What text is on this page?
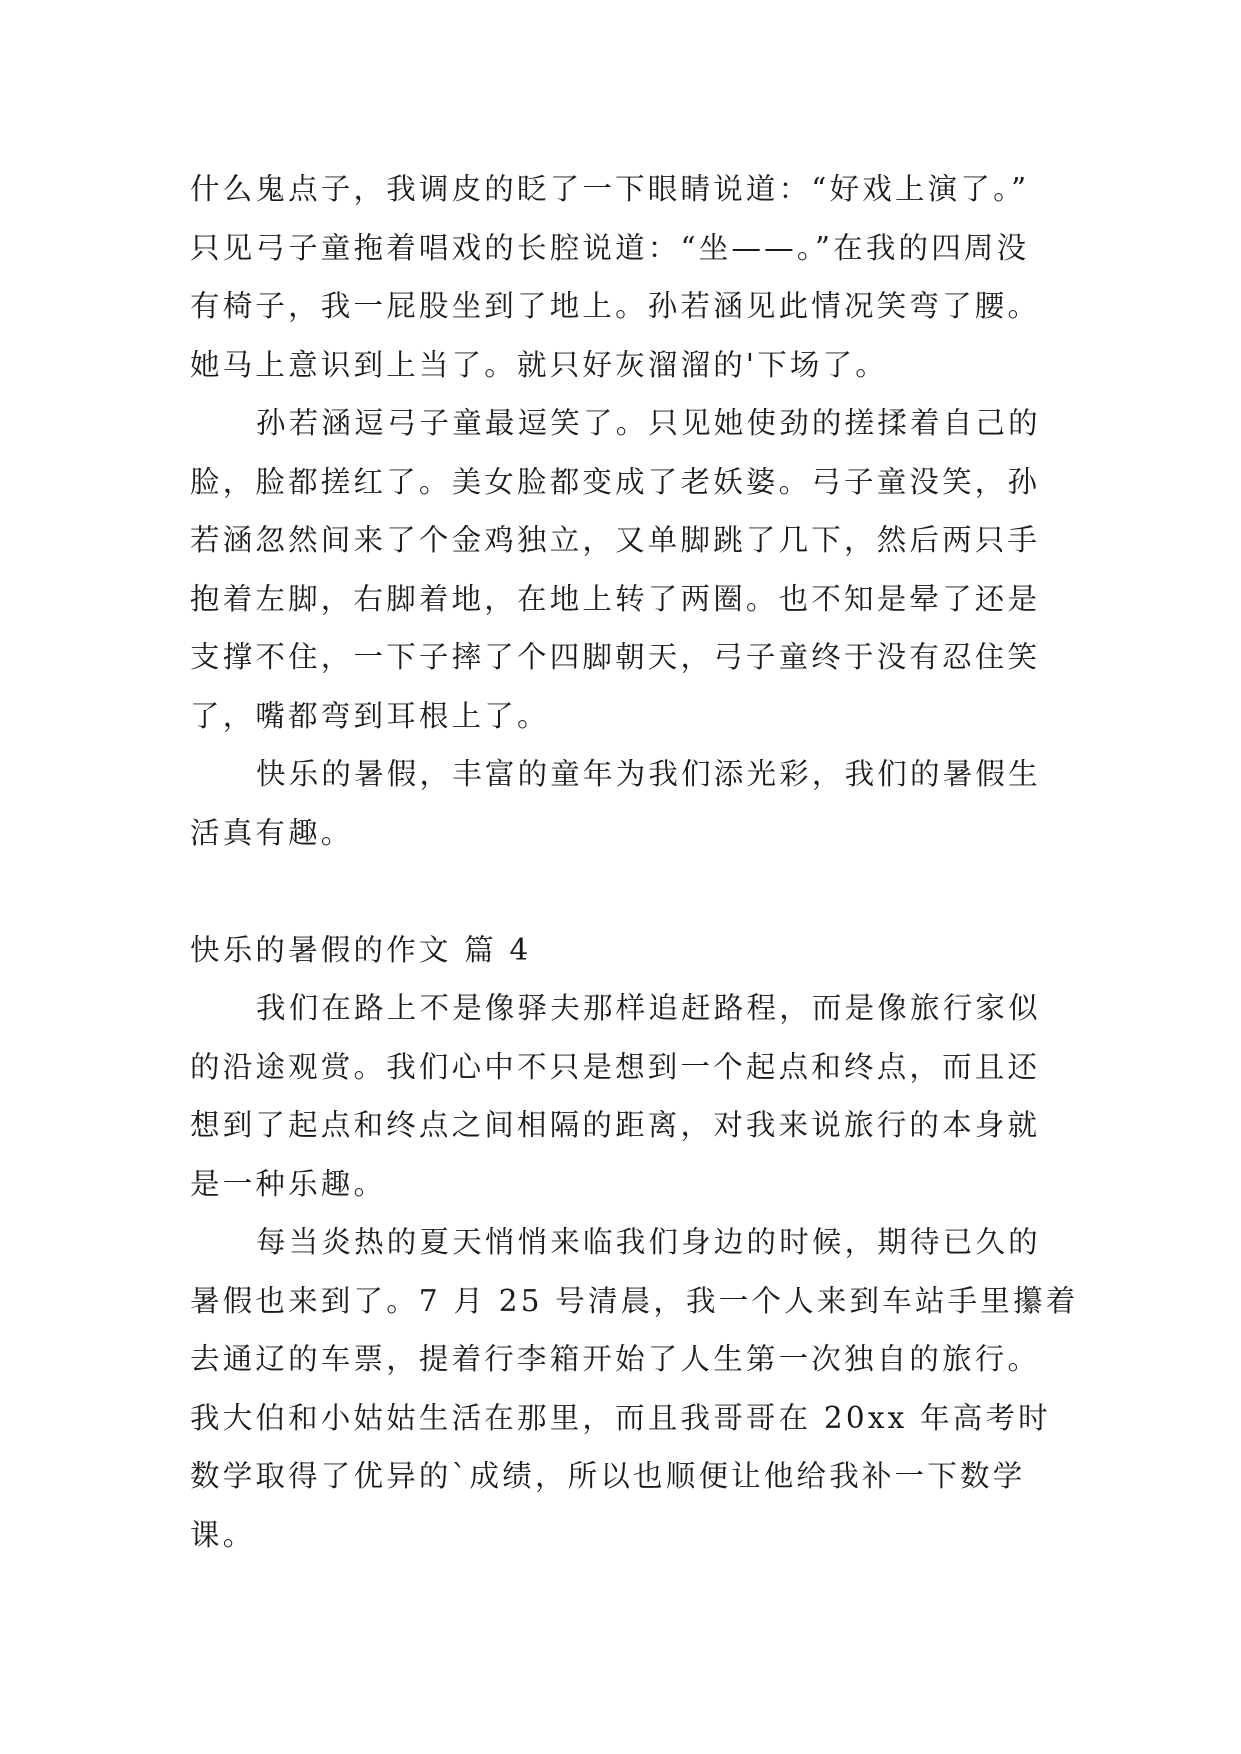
什么鬼点子，我调皮的眨了一下眼睛说道：“好戏上演了。”
只见弓子童拖着唱戏的长腔说道：“坐——。”在我的四周没
有椅子，我一屁股坐到了地上。孙若涵见此情况笑弯了腰。
她马上意识到上当了。就只好灰溜溜的'下场了。
孙若涵逗弓子童最逗笑了。只见她使劲的搓揉着自己的
脸，脸都搓红了。美女脸都变成了老妖婆。弓子童没笑，孙
若涵忽然间来了个金鸡独立，又单脚跳了几下，然后两只手
抱着左脚，右脚着地，在地上转了两圈。也不知是晕了还是
支撑不住，一下子摔了个四脚朝天，弓子童终于没有忍住笑
了，嘴都弯到耳根上了。
快乐的暑假，丰富的童年为我们添光彩，我们的暑假生
活真有趣。
快乐的暑假的作文 篇 4
我们在路上不是像驿夫那样追赶路程，而是像旅行家似
的沿途观赏。我们心中不只是想到一个起点和终点，而且还
想到了起点和终点之间相隔的距离，对我来说旅行的本身就
是一种乐趣。
每当炎热的夏天悄悄来临我们身边的时候，期待已久的
暑假也来到了。7 月 25 号清晨，我一个人来到车站手里攥着
去通辽的车票，提着行李箱开始了人生第一次独自的旅行。
我大伯和小姑姑生活在那里，而且我哥哥在 20xx 年高考时
数学取得了优异的`成绩，所以也顺便让他给我补一下数学
课。
